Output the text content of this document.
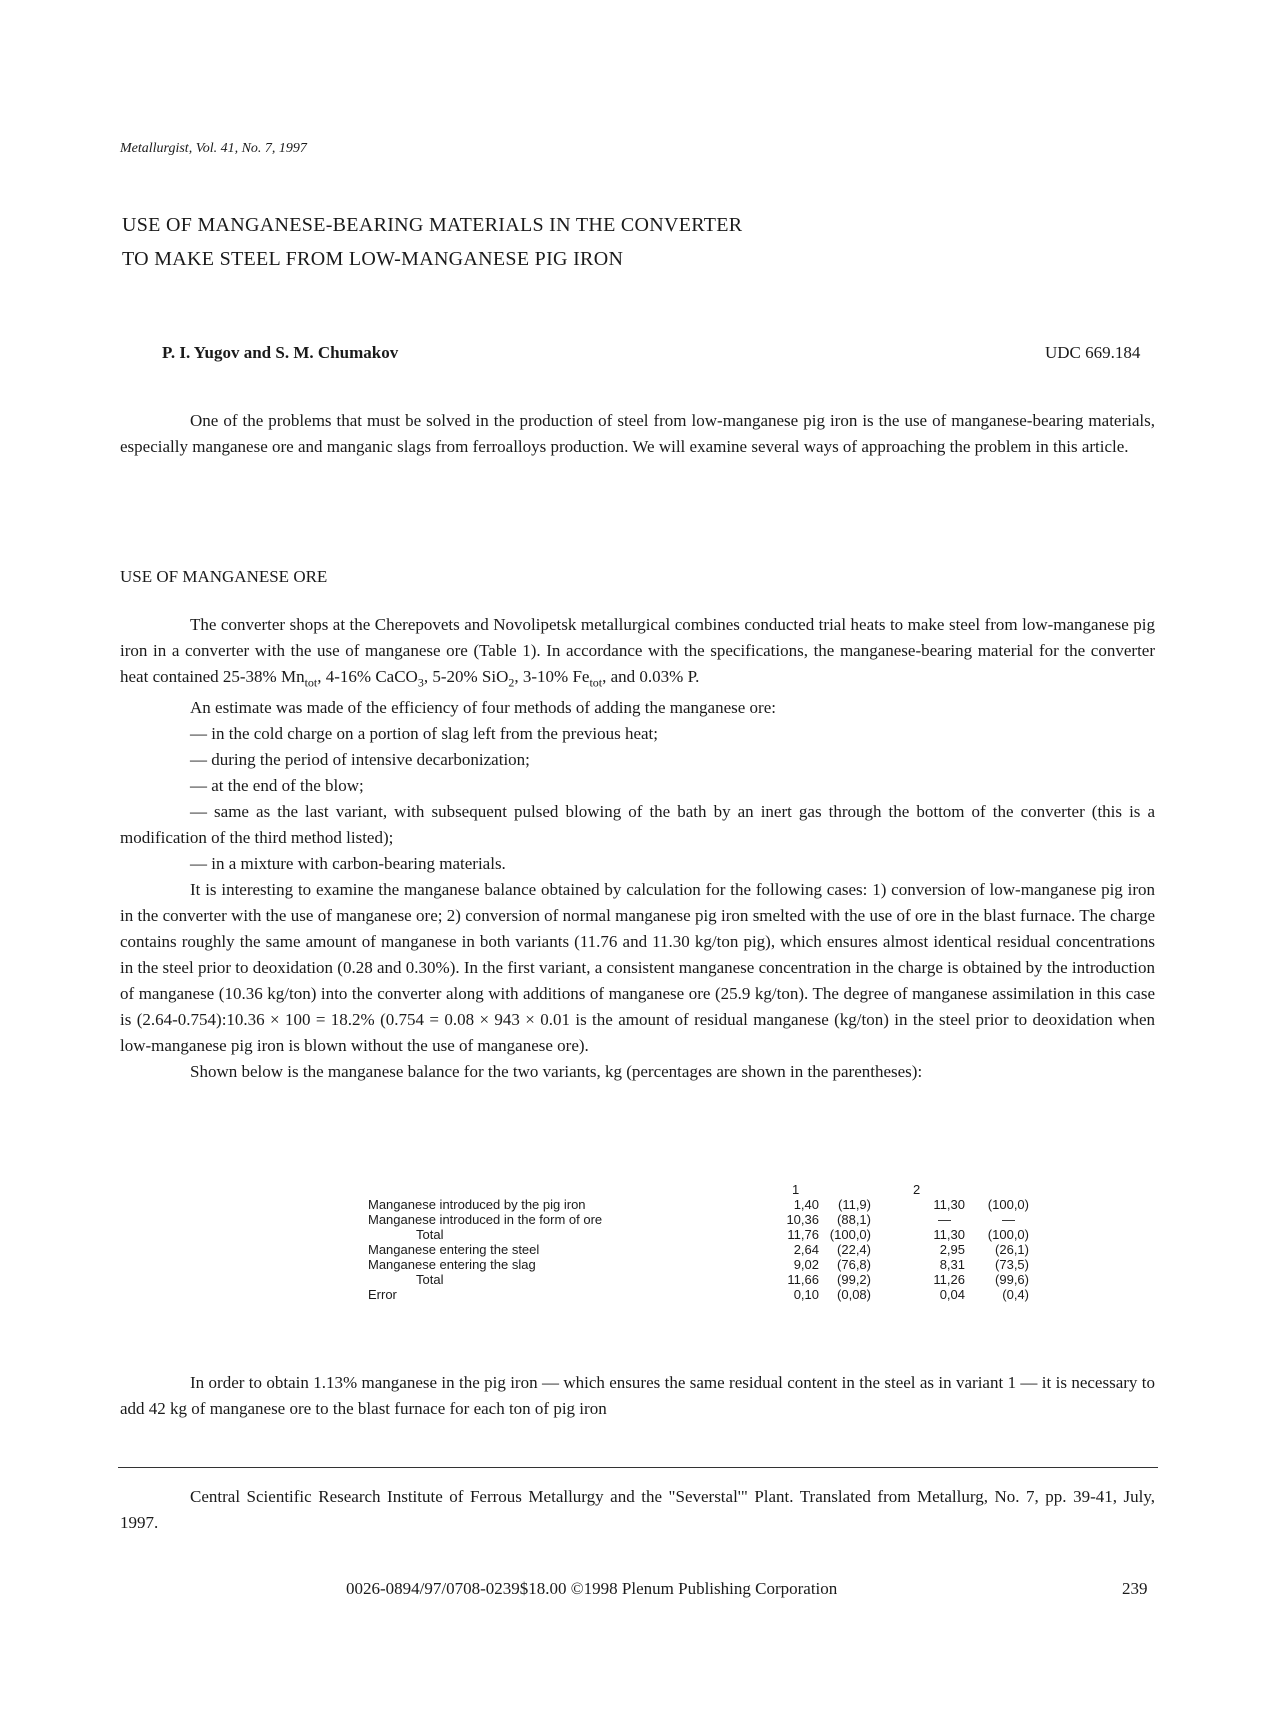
Metallurgist, Vol. 41, No. 7, 1997
USE OF MANGANESE-BEARING MATERIALS IN THE CONVERTER
TO MAKE STEEL FROM LOW-MANGANESE PIG IRON
P. I. Yugov and S. M. Chumakov	UDC 669.184

One of the problems that must be solved in the production of steel from low-manganese pig iron is the use of manganese-bearing materials, especially manganese ore and manganic slags from ferroalloys production. We will examine several ways of approaching the problem in this article.

USE OF MANGANESE ORE

The converter shops at the Cherepovets and Novolipetsk metallurgical combines conducted trial heats to make steel from low-manganese pig iron in a converter with the use of manganese ore (Table 1). In accordance with the specifications, the manganese-bearing material for the converter heat contained 25-38% $Mn_{tot}$, 4-16% CaCO$_3$, 5-20% SiO$_2$, 3-10% $Fe_{tot}$, and 0.03% P.

An estimate was made of the efficiency of four methods of adding the manganese ore:

— in the cold charge on a portion of slag left from the previous heat;

— during the period of intensive decarbonization;

— at the end of the blow;

— same as the last variant, with subsequent pulsed blowing of the bath by an inert gas through the bottom of the converter (this is a modification of the third method listed);

— in a mixture with carbon-bearing materials.

It is interesting to examine the manganese balance obtained by calculation for the following cases: 1) conversion of low-manganese pig iron in the converter with the use of manganese ore; 2) conversion of normal manganese pig iron smelted with the use of ore in the blast furnace. The charge contains roughly the same amount of manganese in both variants (11.76 and 11.30 kg/ton pig), which ensures almost identical residual concentrations in the steel prior to deoxidation (0.28 and 0.30%). In the first variant, a consistent manganese concentration in the charge is obtained by the introduction of manganese (10.36 kg/ton) into the converter along with additions of manganese ore (25.9 kg/ton). The degree of manganese assimilation in this case is (2.64-0.754):10.36 × 100 = 18.2% (0.754 = 0.08 × 943 × 0.01 is the amount of residual manganese (kg/ton) in the steel prior to deoxidation when low-manganese pig iron is blown without the use of manganese ore).

Shown below is the manganese balance for the two variants, kg (percentages are shown in the parentheses):

	1		2	
Manganese introduced by the pig iron	1,40	(11,9)	11,30	(100,0)
Manganese introduced in the form of ore	10,36	(88,1)	—	—
Total	11,76	(100,0)	11,30	(100,0)
Manganese entering the steel	2,64	(22,4)	2,95	(26,1)
Manganese entering the slag	9,02	(76,8)	8,31	(73,5)
Total	11,66	(99,2)	11,26	(99,6)
Error	0,10	(0,08)	0,04	(0,4)

In order to obtain 1.13% manganese in the pig iron — which ensures the same residual content in the steel as in variant 1 — it is necessary to add 42 kg of manganese ore to the blast furnace for each ton of pig iron

Central Scientific Research Institute of Ferrous Metallurgy and the "Severstal'" Plant. Translated from Metallurg, No. 7, pp. 39-41, July, 1997.

0026-0894/97/0708-0239$18.00 ©1998 Plenum Publishing Corporation	239
